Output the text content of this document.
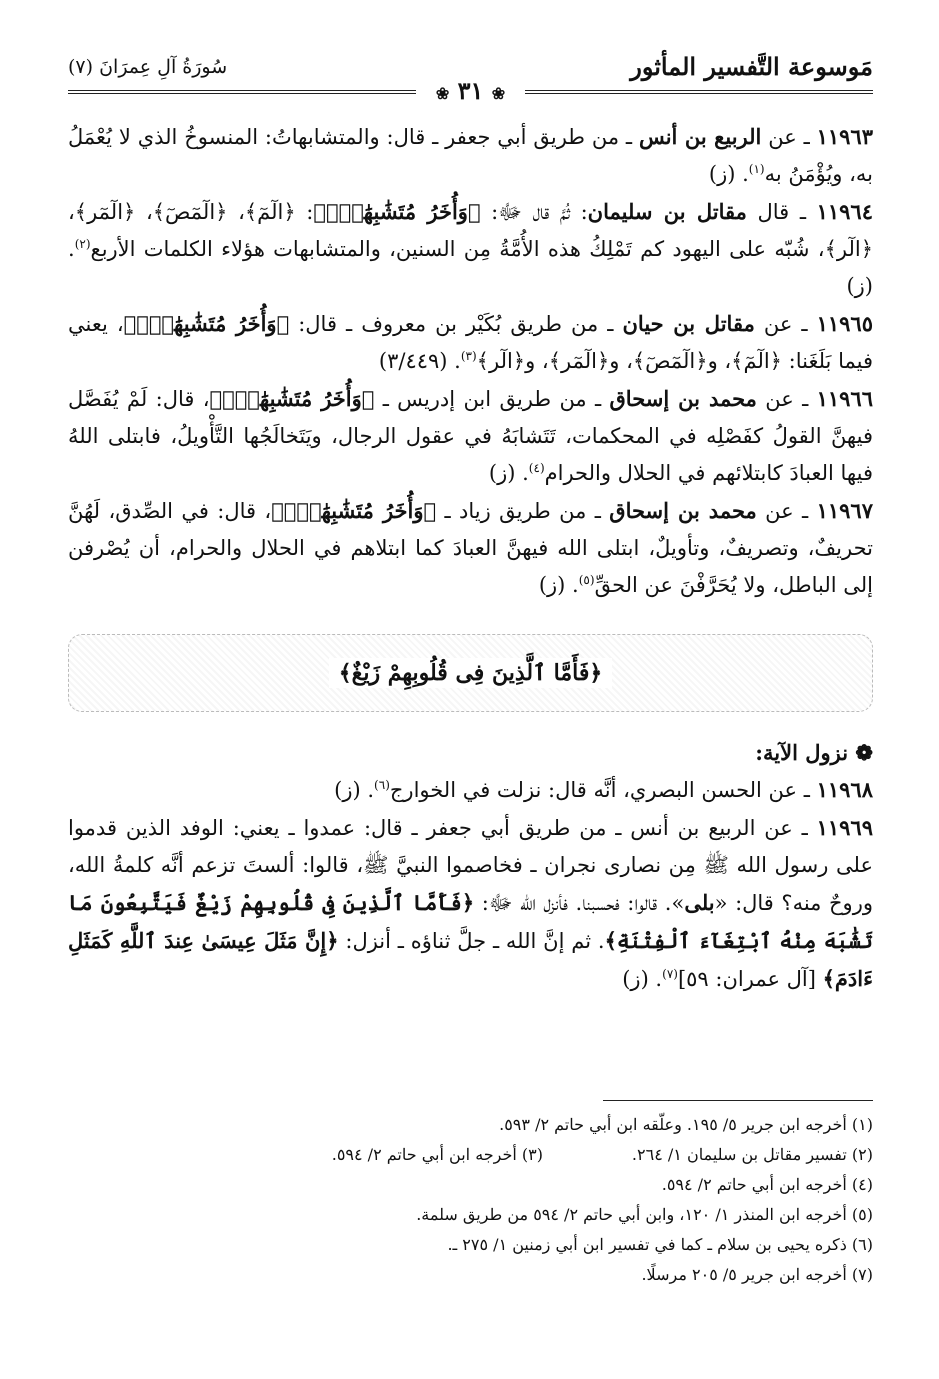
مَوسوعة التَّفسير المأثور
سُورَةُ آلِ عِمرَانَ (٧)
❀ ٣١ ❀

١١٩٦٣ ـ عن الربيع بن أنس ـ من طريق أبي جعفر ـ قال: والمتشابهاتُ: المنسوخُ الذي لا يُعْمَلُ به، ويُؤْمَنُ به$^{(١)}$. (ز)

١١٩٦٤ ـ قال مقاتل بن سليمان: ثُمَّ قال ﷻ: ﴿وَأُخَرُ مُتَشَٰبِهَٰتٌۖ﴾: ﴿الٓمٓ﴾، ﴿الٓمٓصٓ﴾، ﴿الٓمٓر﴾، ﴿الٓر﴾، شُبّه على اليهود كم تَمْلِكُ هذه الأُمَّةُ مِن السنين، والمتشابهات هؤلاء الكلمات الأربع$^{(٢)}$. (ز)

١١٩٦٥ ـ عن مقاتل بن حيان ـ من طريق بُكَيْر بن معروف ـ قال: ﴿وَأُخَرُ مُتَشَٰبِهَٰتٌۖ﴾، يعني فيما بَلَغَنا: ﴿الٓمٓ﴾، و﴿الٓمٓصٓ﴾، و﴿الٓمٓر﴾، و﴿الٓر﴾$^{(٣)}$. (٣/٤٤٩)

١١٩٦٦ ـ عن محمد بن إسحاق ـ من طريق ابن إدريس ـ ﴿وَأُخَرُ مُتَشَٰبِهَٰتٌۖ﴾، قال: لَمْ يُفَصَّل فيهنَّ القولُ كفَصْلِه في المحكمات، تَتَشابَهُ في عقول الرجال، ويَتَخالَجُها التَّأْويلُ، فابتلى اللهُ فيها العبادَ كابتلائهم في الحلال والحرام$^{(٤)}$. (ز)

١١٩٦٧ ـ عن محمد بن إسحاق ـ من طريق زياد ـ ﴿وَأُخَرُ مُتَشَٰبِهَٰتٌۖ﴾، قال: في الصِّدق، لَهُنَّ تحريفٌ، وتصريفٌ، وتأويلٌ، ابتلى الله فيهنَّ العبادَ كما ابتلاهم في الحلال والحرام، أن يُصْرفن إلى الباطل، ولا يُحَرَّفْنَ عن الحقِّ$^{(٥)}$. (ز)

﴿فَأَمَّا ٱلَّذِينَ فِى قُلُوبِهِمْ زَيْغٌ﴾

❁ نزول الآية:

١١٩٦٨ ـ عن الحسن البصري، أنَّه قال: نزلت في الخوارج$^{(٦)}$. (ز)

١١٩٦٩ ـ عن الربيع بن أنس ـ من طريق أبي جعفر ـ قال: عمدوا ـ يعني: الوفد الذين قدموا على رسول الله ﷺ مِن نصارى نجران ـ فخاصموا النبيَّ ﷺ، قالوا: ألستَ تزعم أنَّه كلمةُ الله، وروحٌ منه؟ قال: «بلى». قالوا: فحسبنا. فأنزل الله ﷻ: ﴿فَأَمَّا ٱلَّذِينَ فِى قُلُوبِهِمْ زَيْغٌ فَيَتَّبِعُونَ مَا تَشَٰبَهَ مِنْهُ ٱبْتِغَآءَ ٱلْفِتْنَةِ﴾. ثم إنَّ الله ـ جلَّ ثناؤه ـ أنزل: ﴿إِنَّ مَثَلَ عِيسَىٰ عِندَ ٱللَّهِ كَمَثَلِ ءَادَمَ﴾ [آل عمران: ٥٩]$^{(٧)}$. (ز)

(١) أخرجه ابن جرير ٥/ ١٩٥. وعلّقه ابن أبي حاتم ٢/ ٥٩٣.
(٢) تفسير مقاتل بن سليمان ١/ ٢٦٤.
(٣) أخرجه ابن أبي حاتم ٢/ ٥٩٤.
(٤) أخرجه ابن أبي حاتم ٢/ ٥٩٤.
(٥) أخرجه ابن المنذر ١/ ١٢٠، وابن أبي حاتم ٢/ ٥٩٤ من طريق سلمة.
(٦) ذكره يحيى بن سلام ـ كما في تفسير ابن أبي زمنين ١/ ٢٧٥ ـ.
(٧) أخرجه ابن جرير ٥/ ٢٠٥ مرسلًا.
